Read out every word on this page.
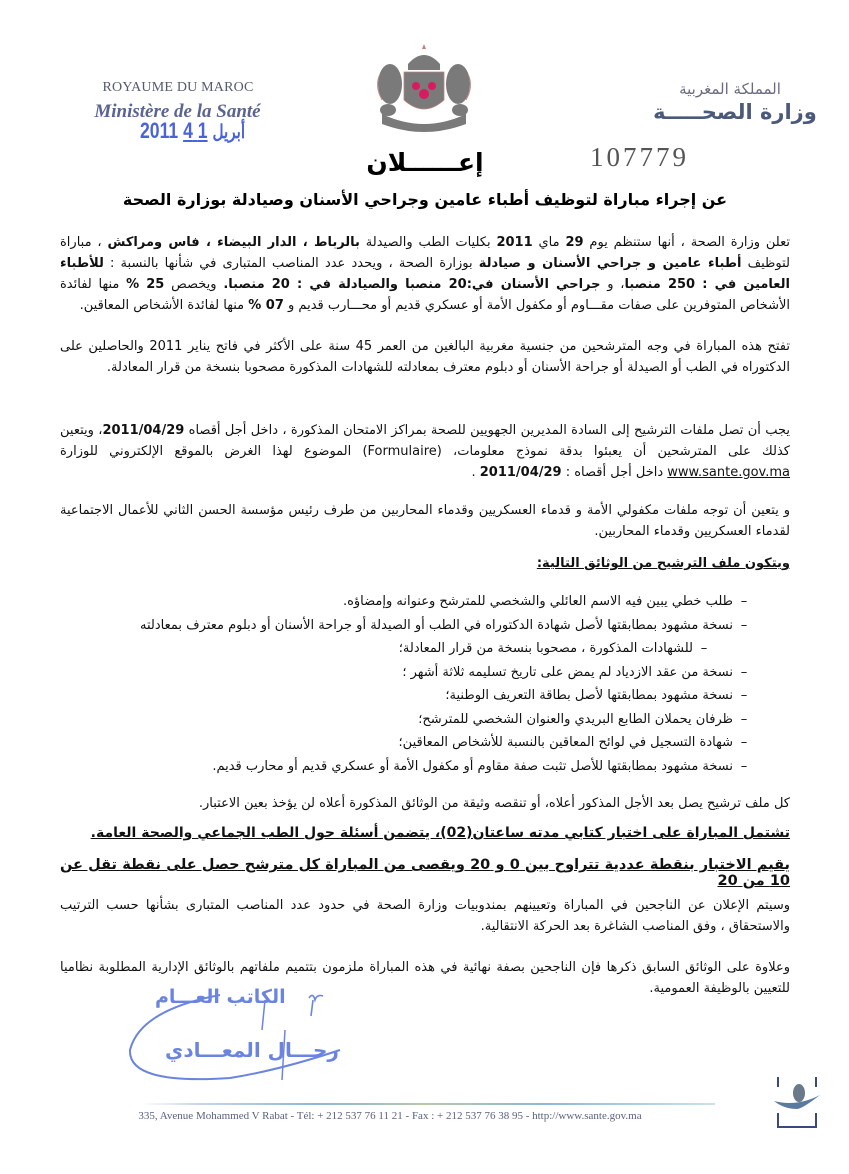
ROYAUME DU MAROC
Ministère de la Santé
2011 أبريل 1 4
المملكة المغربية
وزارة الصحـــــة
107779
إعــــــلان
عن إجراء مباراة لتوظيف أطباء عامين وجراحي الأسنان وصيادلة بوزارة الصحة
تعلن وزارة الصحة ، أنها ستنظم يوم 29 ماي 2011 بكليات الطب والصيدلة بالرباط ، الدار البيضاء ، فاس ومراكش ، مباراة لتوظيف أطباء عامين و جراحي الأسنان و صيادلة بوزارة الصحة ، ويحدد عدد المناصب المتبارى في شأنها بالنسبة : للأطباء العامين في : 250 منصبا، و جراحي الأسنان في:20 منصبا والصيادلة في : 20 منصبا. ويخصص 25 % منها لفائدة الأشخاص المتوفرين على صفات مقـــاوم أو مكفول الأمة أو عسكري قديم أو محـــارب قديم و 07 % منها لفائدة الأشخاص المعاقين.
تفتح هذه المباراة في وجه المترشحين من جنسية مغربية البالغين من العمر 45 سنة على الأكثر في فاتح يناير 2011 والحاصلين على الدكتوراه في الطب أو الصيدلة أو جراحة الأسنان أو دبلوم معترف بمعادلته للشهادات المذكورة مصحوبا بنسخة من قرار المعادلة.
يجب أن تصل ملفات الترشيح إلى السادة المديرين الجهويين للصحة بمراكز الامتحان المذكورة ، داخل أجل أقصاه 2011/04/29، ويتعين كذلك على المترشحين أن يعبئوا بدقة نموذج معلومات، (Formulaire) الموضوع لهذا الغرض بالموقع الإلكتروني للوزارة www.sante.gov.ma داخل أجل أقصاه : 2011/04/29 .
و يتعين أن توجه ملفات مكفولي الأمة و قدماء العسكريين وقدماء المحاربين من طرف رئيس مؤسسة الحسن الثاني للأعمال الاجتماعية لقدماء العسكريين وقدماء المحاربين.
ويتكون ملف الترشيح من الوثائق التالية:
–طلب خطي يبين فيه الاسم العائلي والشخصي للمترشح وعنوانه وإمضاؤه.
–نسخة مشهود بمطابقتها لأصل شهادة الدكتوراه في الطب أو الصيدلة أو جراحة الأسنان أو دبلوم معترف بمعادلته
–للشهادات المذكورة ، مصحوبا بنسخة من قرار المعادلة؛
–نسخة من عقد الازدياد لم يمض على تاريخ تسليمه ثلاثة أشهر ؛
–نسخة مشهود بمطابقتها لأصل بطاقة التعريف الوطنية؛
–ظرفان يحملان الطابع البريدي والعنوان الشخصي للمترشح؛
–شهادة التسجيل في لوائح المعاقين بالنسبة للأشخاص المعاقين؛
–نسخة مشهود بمطابقتها للأصل تثبت صفة مقاوم أو مكفول الأمة أو عسكري قديم أو محارب قديم.
كل ملف ترشيح يصل بعد الأجل المذكور أعلاه، أو تنقصه وثيقة من الوثائق المذكورة أعلاه لن يؤخذ بعين الاعتبار.
تشتمل المباراة على اختبار كتابي مدته ساعتان(02)، يتضمن أسئلة حول الطب الجماعي والصحة العامة.
يقيم الاختبار بنقطة عددية تتراوح بين 0 و 20 ويقصى من المباراة كل مترشح حصل على نقطة تقل عن 10 من 20
وسيتم الإعلان عن الناجحين في المباراة وتعيينهم بمندوبيات وزارة الصحة في حدود عدد المناصب المتبارى بشأنها حسب الترتيب والاستحقاق ، وفق المناصب الشاغرة بعد الحركة الانتقالية.
وعلاوة على الوثائق السابق ذكرها فإن الناجحين بصفة نهائية في هذه المباراة ملزمون بتتميم ملفاتهم بالوثائق الإدارية المطلوبة نظاميا للتعيين بالوظيفة العمومية.
الكاتب العـــام
رحـــال المعـــادي
335, Avenue Mohammed V Rabat - Tél: + 212 537 76 11 21 - Fax : + 212 537 76 38 95 - http://www.sante.gov.ma
